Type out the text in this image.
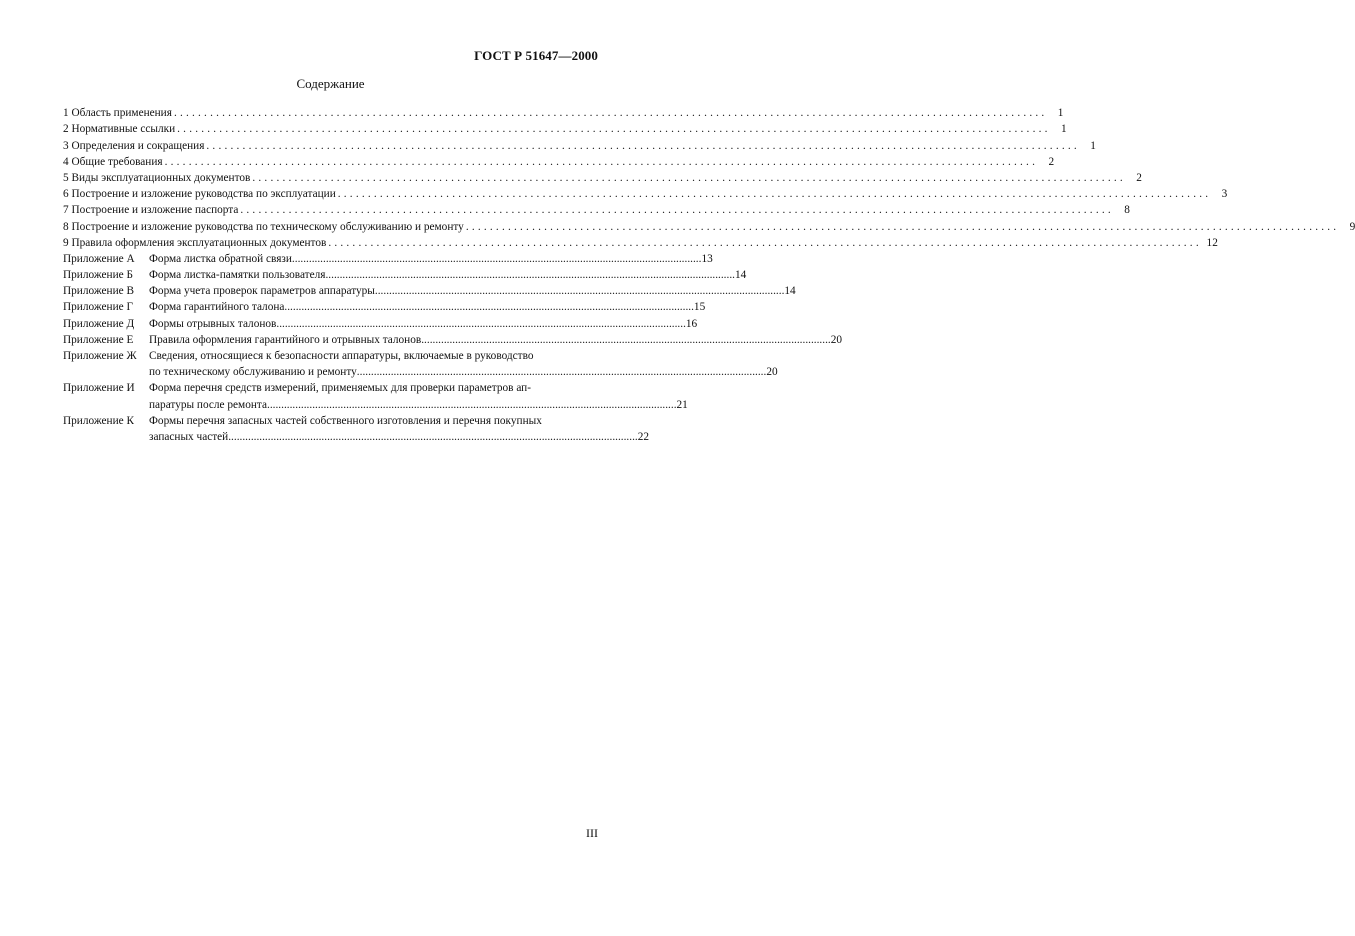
ГОСТ Р 51647—2000
Содержание
1 Область применения ................................................................................................................................................. 1
2 Нормативные ссылки ................................................................................................................................................. 1
3 Определения и сокращения ................................................................................................................................................. 1
4 Общие требования ................................................................................................................................................. 2
5 Виды эксплуатационных документов ................................................................................................................................................. 2
6 Построение и изложение руководства по эксплуатации ................................................................................................................................................. 3
7 Построение и изложение паспорта ................................................................................................................................................. 8
8 Построение и изложение руководства по техническому обслуживанию и ремонту ................................................................................................................................................. 9
9 Правила оформления эксплуатационных документов ................................................................................................................................................. 12
Приложение А	Форма листка обратной связи ................................................................................................................................................. 13
Приложение Б	Форма листка-памятки пользователя ................................................................................................................................................. 14
Приложение В	Форма учета проверок параметров аппаратуры ................................................................................................................................................. 14
Приложение Г	Форма гарантийного талона ................................................................................................................................................. 15
Приложение Д	Формы отрывных талонов ................................................................................................................................................. 16
Приложение Е	Правила оформления гарантийного и отрывных талонов ................................................................................................................................................. 20
Приложение Ж	Сведения, относящиеся к безопасности аппаратуры, включаемые в руководство
по техническому обслуживанию и ремонту ................................................................................................................................................. 20
Приложение И	Форма перечня средств измерений, применяемых для проверки параметров ап-
паратуры после ремонта ................................................................................................................................................. 21
Приложение К	Формы перечня запасных частей собственного изготовления и перечня покупных
запасных частей ................................................................................................................................................. 22
III
